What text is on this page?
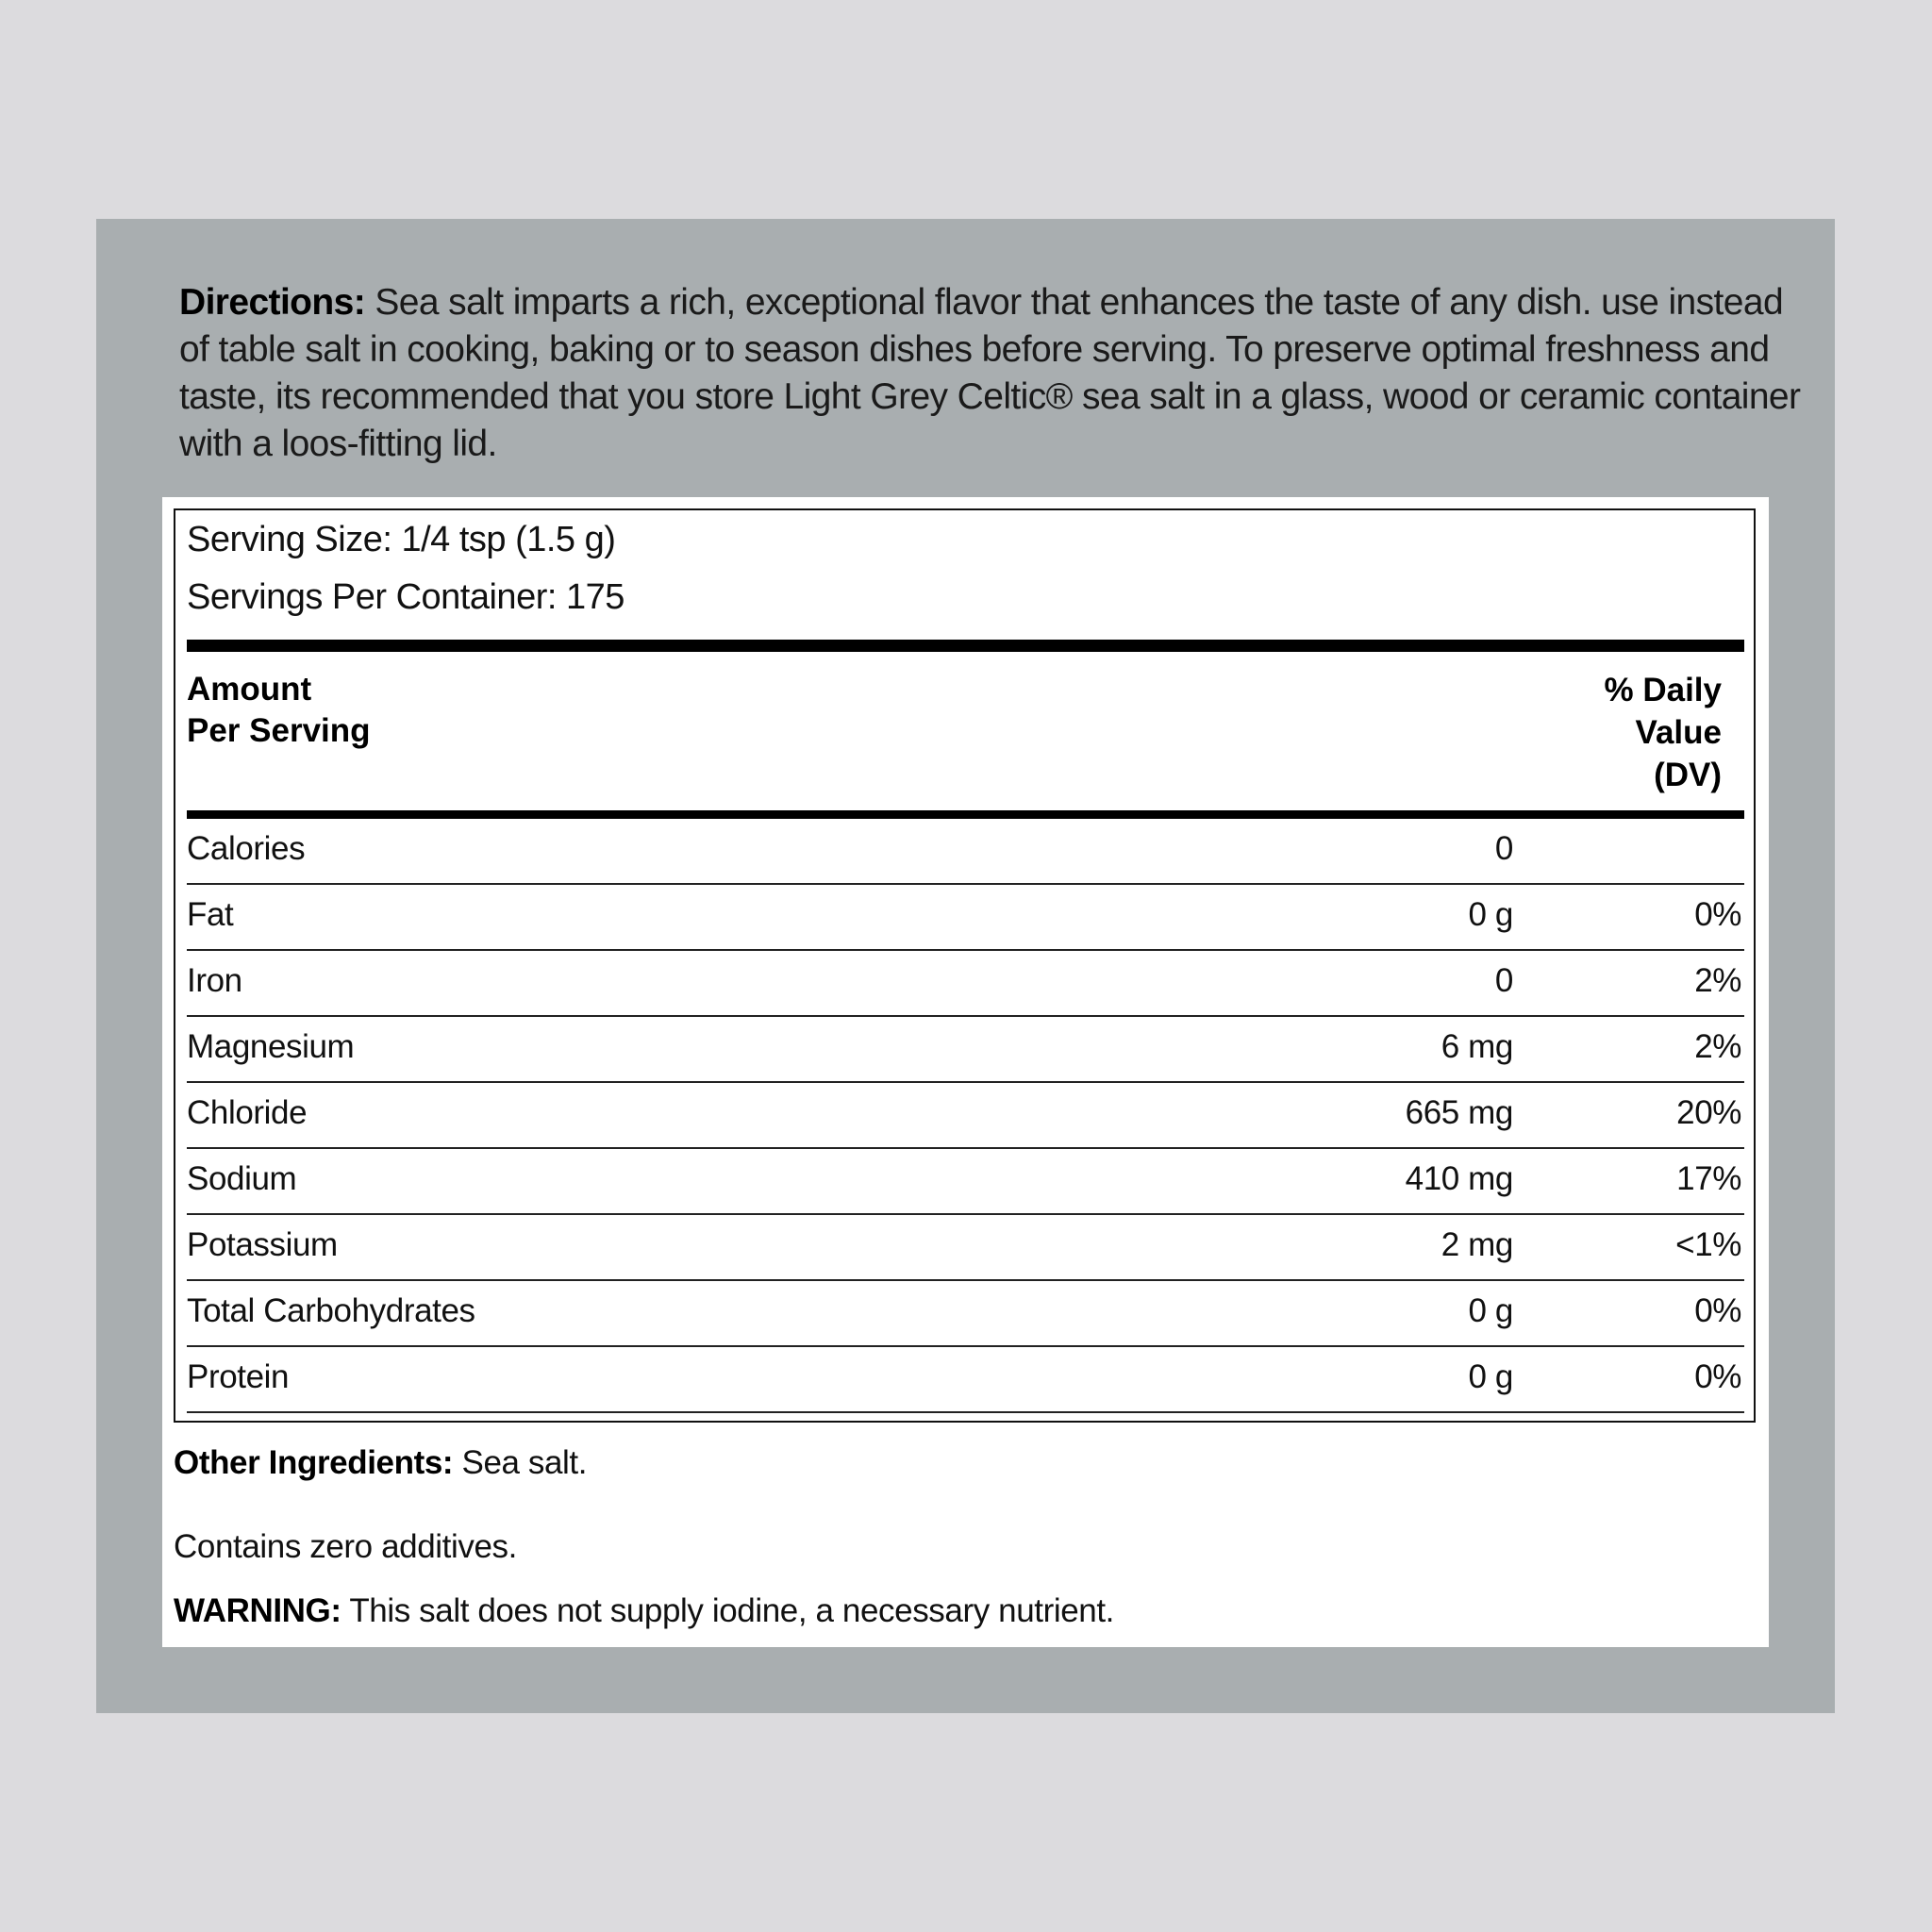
Directions: Sea salt imparts a rich, exceptional flavor that enhances the taste of any dish. use instead of table salt in cooking, baking or to season dishes before serving. To preserve optimal freshness and taste, its recommended that you store Light Grey Celtic® sea salt in a glass, wood or ceramic container with a loos-fitting lid.
Serving Size: 1/4 tsp (1.5 g)
Servings Per Container: 175
Amount
Per Serving
% Daily
Value
(DV)
Calories	0
Fat	0 g	0%
Iron	0	2%
Magnesium	6 mg	2%
Chloride	665 mg	20%
Sodium	410 mg	17%
Potassium	2 mg	<1%
Total Carbohydrates	0 g	0%
Protein	0 g	0%
Other Ingredients: Sea salt.
Contains zero additives.
WARNING: This salt does not supply iodine, a necessary nutrient.
